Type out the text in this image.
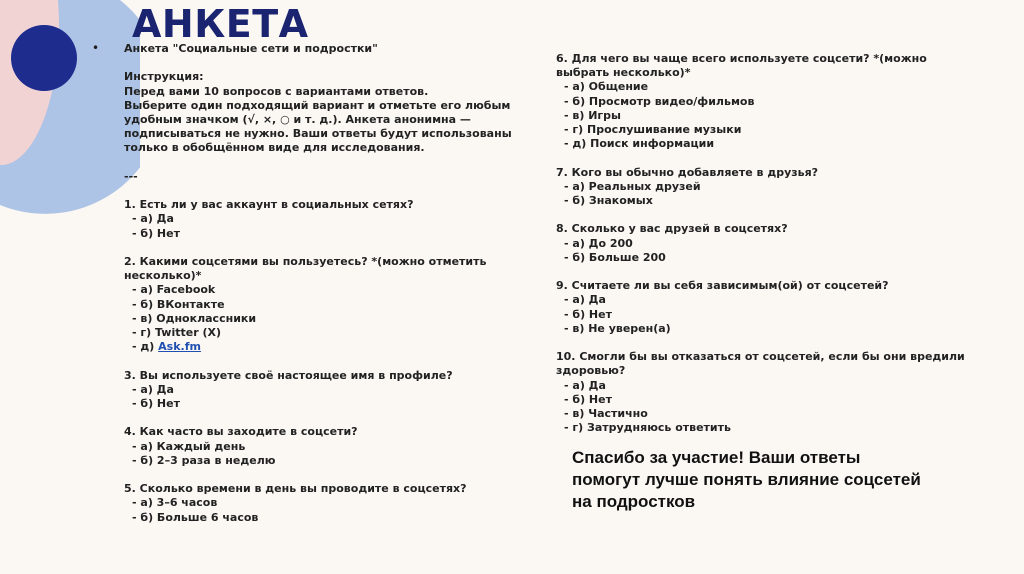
АНКЕТА
• Анкета "Социальные сети и подростки"

Инструкция:

Перед вами 10 вопросов с вариантами ответов.

Выберите один подходящий вариант и отметьте его любым

удобным значком (√, ×, ○ и т. д.). Анкета анонимна —

подписываться не нужно. Ваши ответы будут использованы

только в обобщённом виде для исследования.

---

1. Есть ли у вас аккаунт в социальных сетях?

- а) Да

- б) Нет

2. Какими соцсетями вы пользуетесь? *(можно отметить

несколько)*

- а) Facebook

- б) ВКонтакте

- в) Одноклассники

- г) Twitter (X)

- д) Ask.fm

3. Вы используете своё настоящее имя в профиле?

- а) Да

- б) Нет

4. Как часто вы заходите в соцсети?

- а) Каждый день

- б) 2–3 раза в неделю

5. Сколько времени в день вы проводите в соцсетях?

- а) 3–6 часов

- б) Больше 6 часов

6. Для чего вы чаще всего используете соцсети? *(можно

выбрать несколько)*

- а) Общение

- б) Просмотр видео/фильмов

- в) Игры

- г) Прослушивание музыки

- д) Поиск информации

7. Кого вы обычно добавляете в друзья?

- а) Реальных друзей

- б) Знакомых

8. Сколько у вас друзей в соцсетях?

- а) До 200

- б) Больше 200

9. Считаете ли вы себя зависимым(ой) от соцсетей?

- а) Да

- б) Нет

- в) Не уверен(а)

10. Смогли бы вы отказаться от соцсетей, если бы они вредили

здоровью?

- а) Да

- б) Нет

- в) Частично

- г) Затрудняюсь ответить

Спасибо за участие! Ваши ответы
помогут лучше понять влияние соцсетей
на подростков
